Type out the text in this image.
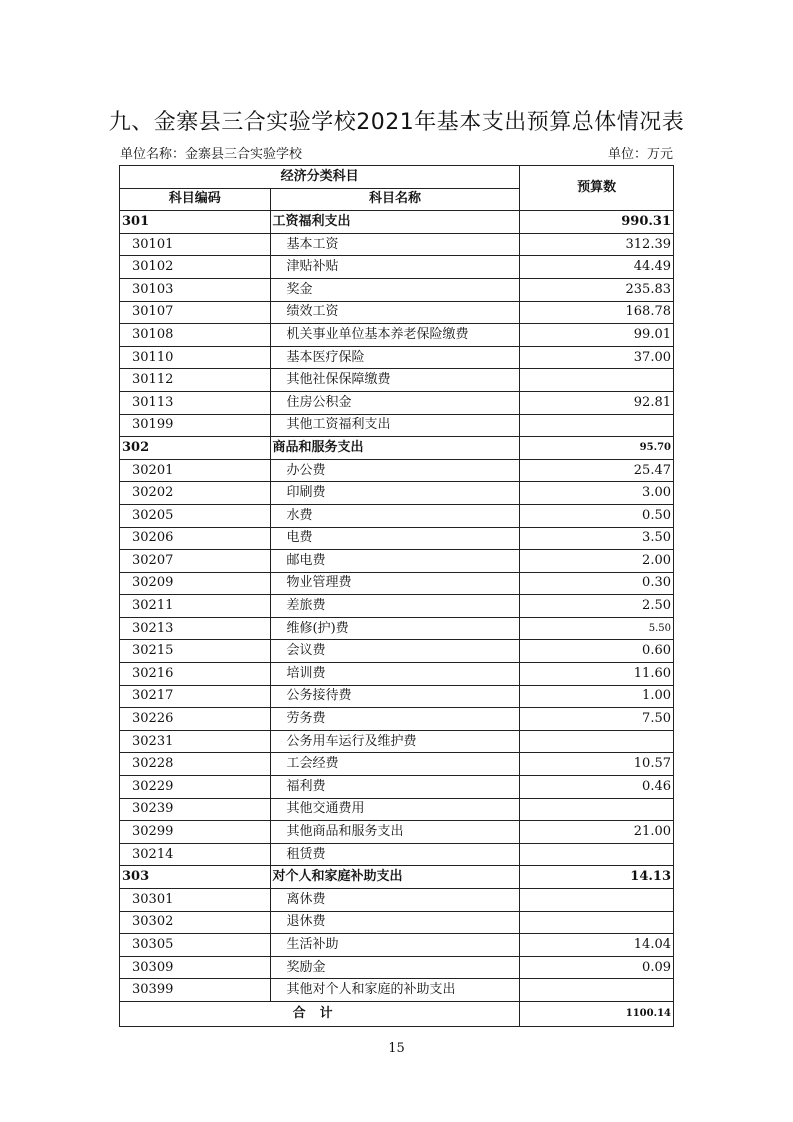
九、金寨县三合实验学校2021年基本支出预算总体情况表
单位名称：金寨县三合实验学校	单位：万元
经济分类科目		预算数
科目编码	科目名称	
301	工资福利支出	990.31
30101	基本工资	312.39
30102	津贴补贴	44.49
30103	奖金	235.83
30107	绩效工资	168.78
30108	机关事业单位基本养老保险缴费	99.01
30110	基本医疗保险	37.00
30112	其他社保保障缴费	
30113	住房公积金	92.81
30199	其他工资福利支出	
302	商品和服务支出	95.70
30201	办公费	25.47
30202	印刷费	3.00
30205	水费	0.50
30206	电费	3.50
30207	邮电费	2.00
30209	物业管理费	0.30
30211	差旅费	2.50
30213	维修(护)费	5.50
30215	会议费	0.60
30216	培训费	11.60
30217	公务接待费	1.00
30226	劳务费	7.50
30231	公务用车运行及维护费	
30228	工会经费	10.57
30229	福利费	0.46
30239	其他交通费用	
30299	其他商品和服务支出	21.00
30214	租赁费	
303	对个人和家庭补助支出	14.13
30301	离休费	
30302	退休费	
30305	生活补助	14.04
30309	奖励金	0.09
30399	其他对个人和家庭的补助支出	
合计		1100.14
15
